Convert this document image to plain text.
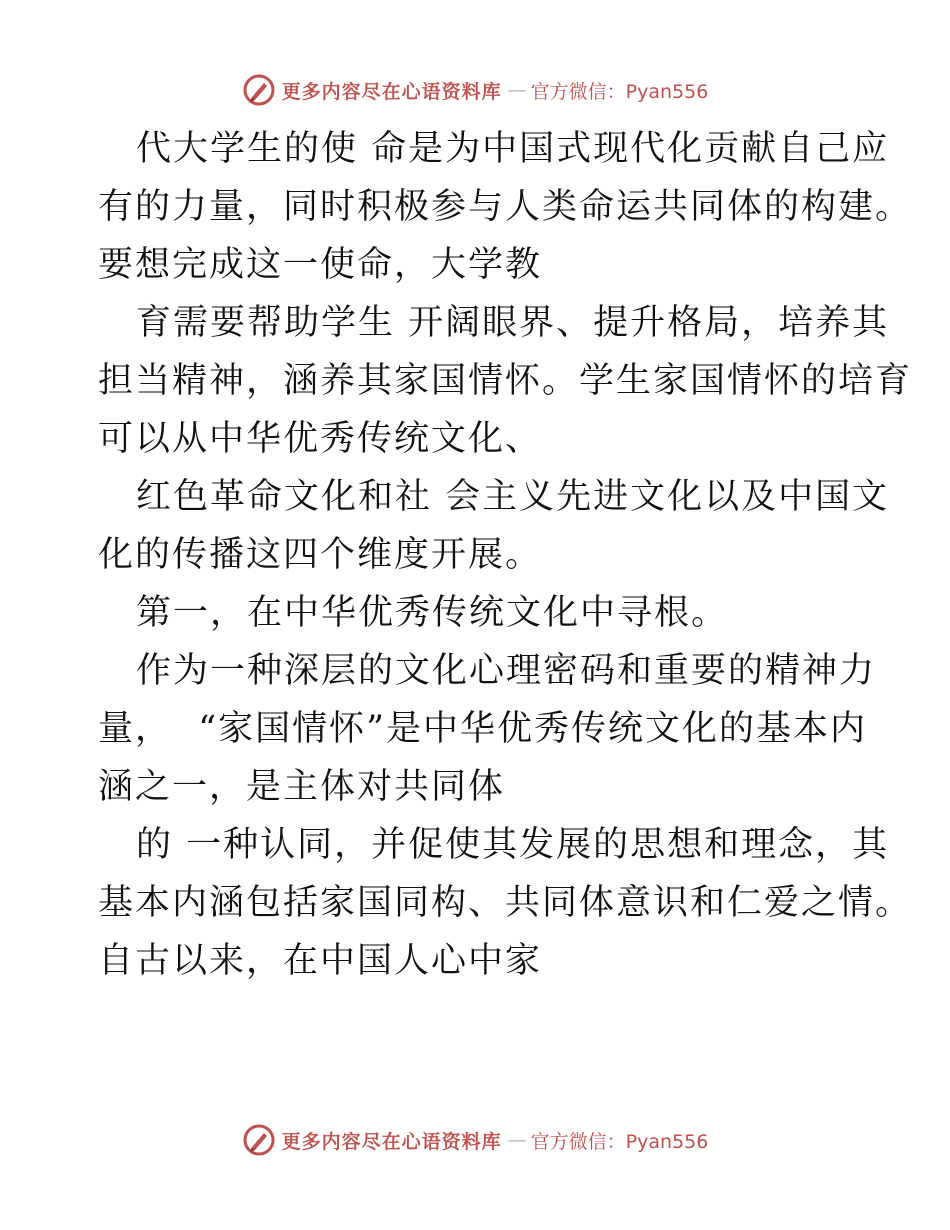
更多内容尽在心语资料库 — 官方微信：Pyan556
代大学生的使 命是为中国式现代化贡献自己应
有的力量，同时积极参与人类命运共同体的构建。
要想完成这一使命，大学教
育需要帮助学生 开阔眼界、提升格局，培养其
担当精神，涵养其家国情怀。学生家国情怀的培育
可以从中华优秀传统文化、
红色革命文化和社 会主义先进文化以及中国文
化的传播这四个维度开展。
第一，在中华优秀传统文化中寻根。
作为一种深层的文化心理密码和重要的精神力
量，  “家国情怀”是中华优秀传统文化的基本内
涵之一，是主体对共同体
的 一种认同，并促使其发展的思想和理念，其
基本内涵包括家国同构、共同体意识和仁爱之情。
自古以来，在中国人心中家
更多内容尽在心语资料库 — 官方微信：Pyan556
